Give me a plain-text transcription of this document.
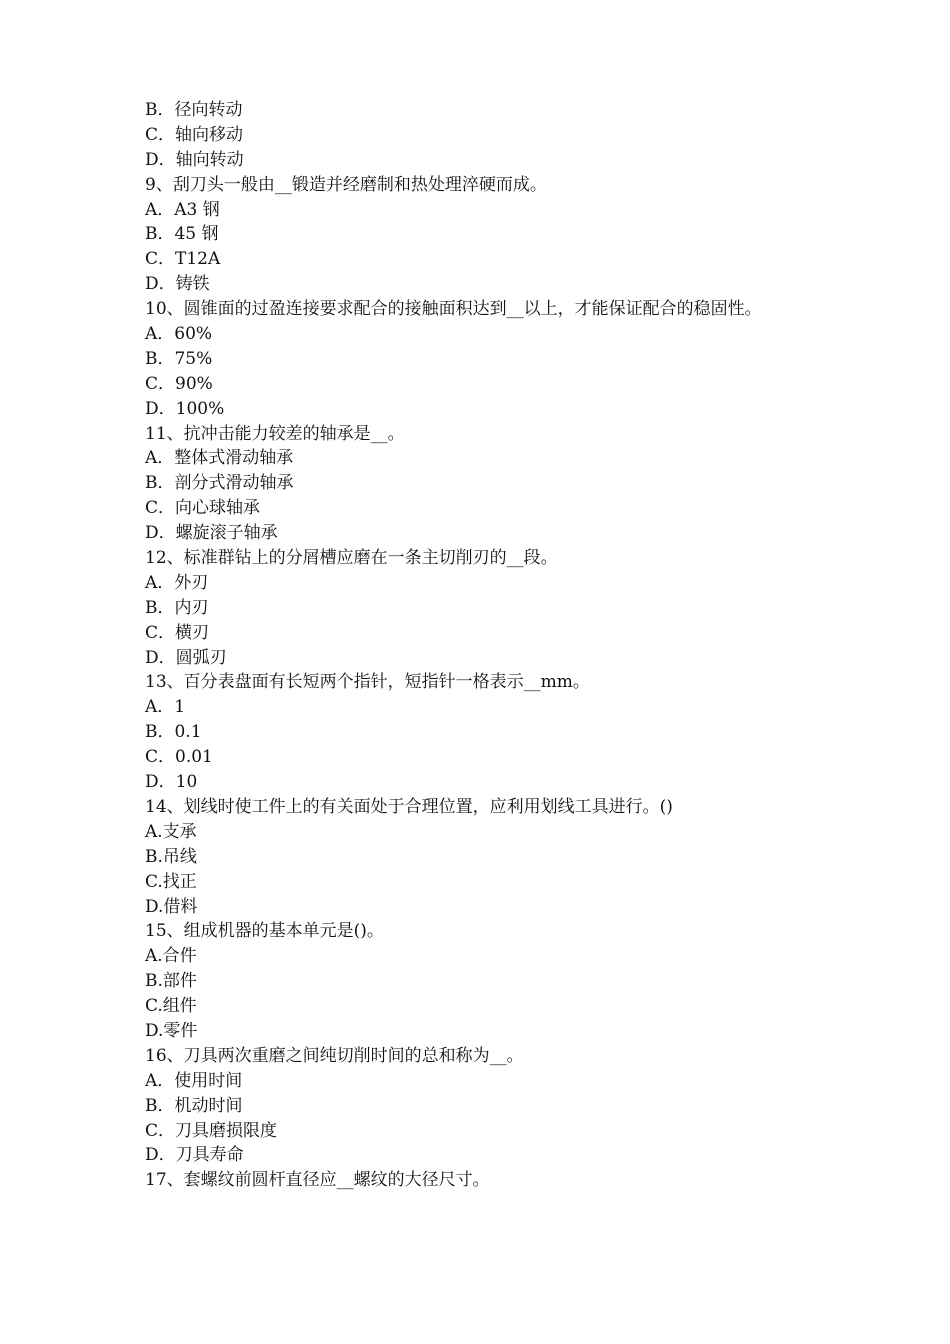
B．径向转动
C．轴向移动
D．轴向转动
9、刮刀头一般由__锻造并经磨制和热处理淬硬而成。
A．A3 钢
B．45 钢
C．T12A
D．铸铁
10、圆锥面的过盈连接要求配合的接触面积达到__以上，才能保证配合的稳固性。
A．60%
B．75%
C．90%
D．100%
11、抗冲击能力较差的轴承是__。
A．整体式滑动轴承
B．剖分式滑动轴承
C．向心球轴承
D．螺旋滚子轴承
12、标准群钻上的分屑槽应磨在一条主切削刃的__段。
A．外刃
B．内刃
C．横刃
D．圆弧刃
13、百分表盘面有长短两个指针，短指针一格表示__mm。
A．1
B．0.1
C．0.01
D．10
14、划线时使工件上的有关面处于合理位置，应利用划线工具进行。()
A.支承
B.吊线
C.找正
D.借料
15、组成机器的基本单元是()。
A.合件
B.部件
C.组件
D.零件
16、刀具两次重磨之间纯切削时间的总和称为__。
A．使用时间
B．机动时间
C．刀具磨损限度
D．刀具寿命
17、套螺纹前圆杆直径应__螺纹的大径尺寸。
